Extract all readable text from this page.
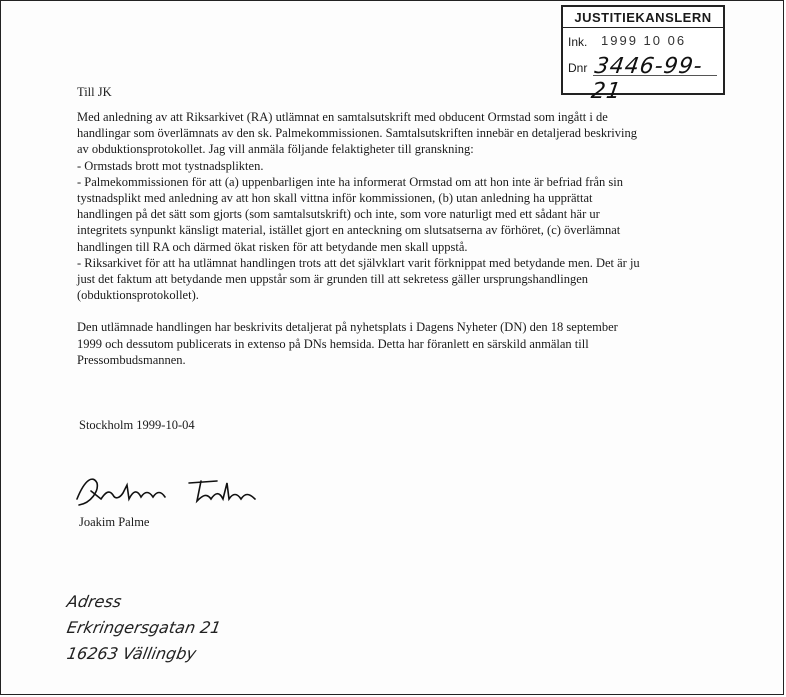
JUSTITIEKANSLERN
Ink. 1999 10 06
Dnr 3446-99-21
Till JK

Med anledning av att Riksarkivet (RA) utlämnat en samtalsutskrift med obducent Ormstad som ingått i de

handlingar som överlämnats av den sk. Palmekommissionen. Samtalsutskriften innebär en detaljerad beskriving

av obduktionsprotokollet. Jag vill anmäla följande felaktigheter till granskning:

- Ormstads brott mot tystnadsplikten.

- Palmekommissionen för att (a) uppenbarligen inte ha informerat Ormstad om att hon inte är befriad från sin

tystnadsplikt med anledning av att hon skall vittna inför kommissionen, (b) utan anledning ha upprättat

handlingen på det sätt som gjorts (som samtalsutskrift) och inte, som vore naturligt med ett sådant här ur

integritets synpunkt känsligt material, istället gjort en anteckning om slutsatserna av förhöret, (c) överlämnat

handlingen till RA och därmed ökat risken för att betydande men skall uppstå.

- Riksarkivet för att ha utlämnat handlingen trots att det självklart varit förknippat med betydande men. Det är ju

just det faktum att betydande men uppstår som är grunden till att sekretess gäller ursprungshandlingen

(obduktionsprotokollet).

Den utlämnade handlingen har beskrivits detaljerat på nyhetsplats i Dagens Nyheter (DN) den 18 september

1999 och dessutom publicerats in extenso på DNs hemsida. Detta har föranlett en särskild anmälan till

Pressombudsmannen.

Stockholm 1999-10-04
Joakim Palme
Adress
Erkringersgatan 21
16263 Vällingby
